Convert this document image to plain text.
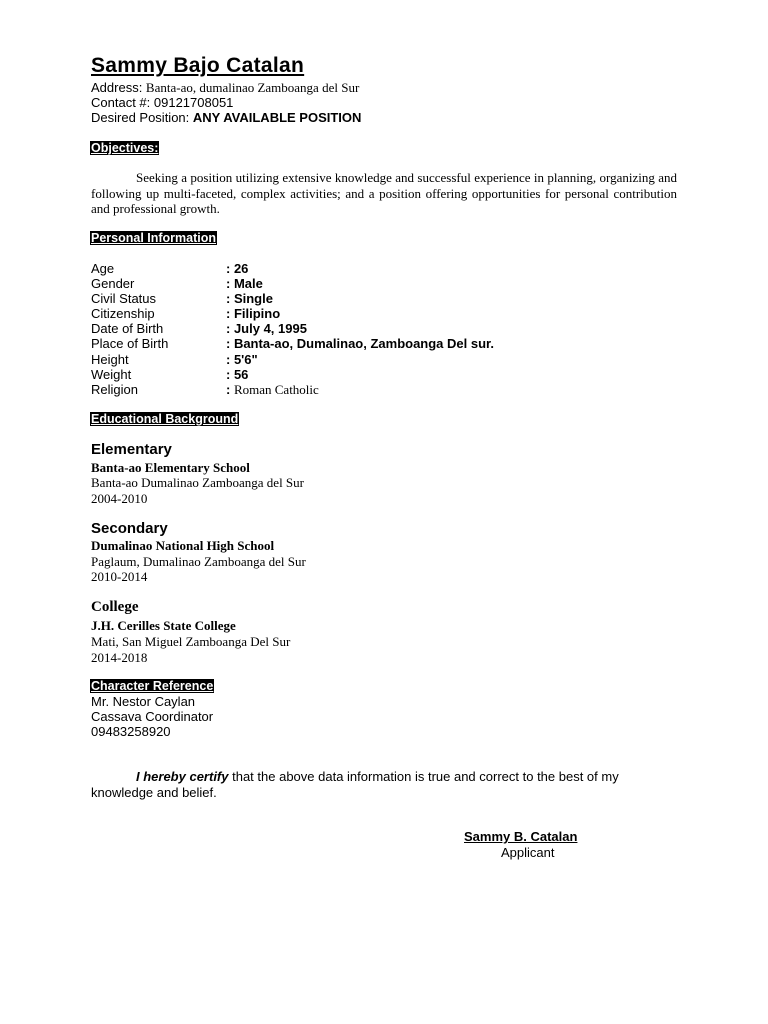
Sammy Bajo Catalan
Address: Banta-ao, dumalinao Zamboanga del Sur
Contact #: 09121708051
Desired Position: ANY AVAILABLE POSITION
Objectives:
Seeking a position utilizing extensive knowledge and successful experience in planning, organizing and following up multi-faceted, complex activities; and a position offering opportunities for personal contribution and professional growth.
Personal Information
Age	: 26
Gender	: Male
Civil Status	: Single
Citizenship	: Filipino
Date of Birth	: July 4, 1995
Place of Birth	: Banta-ao, Dumalinao, Zamboanga Del sur.
Height	: 5'6"
Weight	: 56
Religion	: Roman Catholic
Educational Background
Elementary
Banta-ao Elementary School
Banta-ao Dumalinao Zamboanga del Sur
2004-2010
Secondary
Dumalinao National High School
Paglaum, Dumalinao Zamboanga del Sur
2010-2014
College
J.H. Cerilles State College
Mati, San Miguel Zamboanga Del Sur
2014-2018
Character Reference
Mr. Nestor Caylan
Cassava Coordinator
09483258920
I hereby certify that the above data information is true and correct to the best of my knowledge and belief.
Sammy B. Catalan
Applicant
